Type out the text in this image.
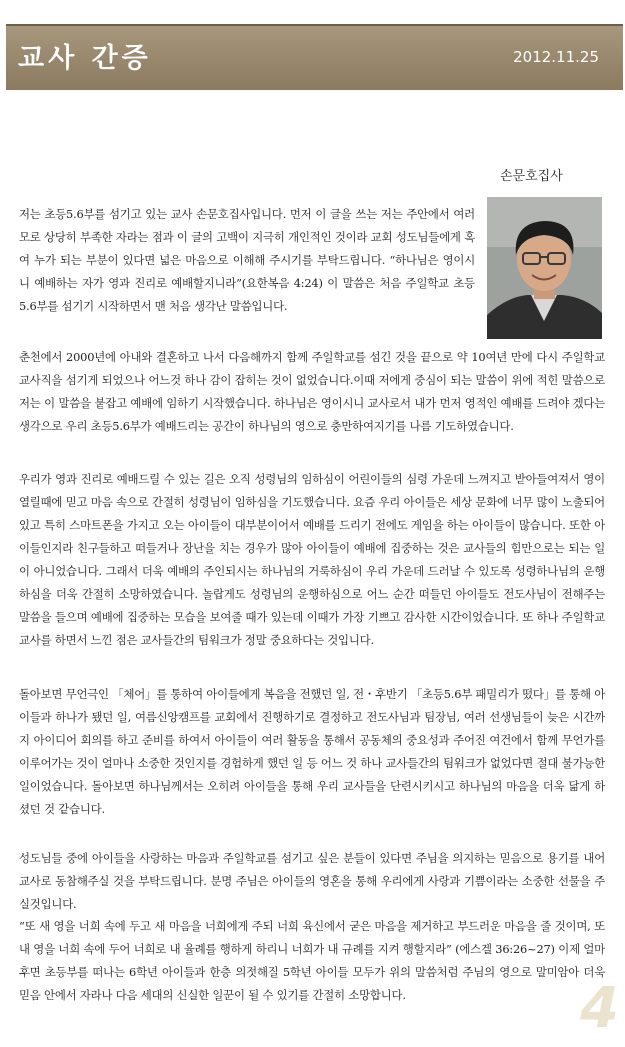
교사 간증	2012.11.25
손문호집사

저는 초등5.6부를 섬기고 있는 교사 손문호집사입니다. 먼저 이 글을 쓰는 저는 주안에서 여러모로 상당히 부족한 자라는 점과 이 글의 고백이 지극히 개인적인 것이라 교회 성도님들에게 혹여 누가 되는 부분이 있다면 넓은 마음으로 이해해 주시기를 부탁드립니다. “하나님은 영이시니 예배하는 자가 영과 진리로 예배할지니라”(요한복음 4:24) 이 말씀은 처음 주일학교 초등5.6부를 섬기기 시작하면서 맨 처음 생각난 말씀입니다.

춘천에서 2000년에 아내와 결혼하고 나서 다음해까지 함께 주일학교를 섬긴 것을 끝으로 약 10여년 만에 다시 주일학교 교사직을 섬기게 되었으나 어느것 하나 감이 잡히는 것이 없었습니다.이때 저에게 중심이 되는 말씀이 위에 적힌 말씀으로 저는 이 말씀을 붙잡고 예배에 임하기 시작했습니다. 하나님은 영이시니 교사로서 내가 먼저 영적인 예배를 드려야 겠다는 생각으로 우리 초등5.6부가 예배드리는 공간이 하나님의 영으로 충만하여지기를 나름 기도하였습니다.

우리가 영과 진리로 예배드릴 수 있는 길은 오직 성령님의 임하심이 어린이들의 심령 가운데 느껴지고 받아들여져서 영이 열릴때에 믿고 마음 속으로 간절히 성령님이 임하심을 기도했습니다. 요즘 우리 아이들은 세상 문화에 너무 많이 노출되어있고 특히 스마트폰을 가지고 오는 아이들이 대부분이어서 예배를 드리기 전에도 게임을 하는 아이들이 많습니다. 또한 아이들인지라 친구들하고 떠들거나 장난을 치는 경우가 많아 아이들이 예배에 집중하는 것은 교사들의 힘만으로는 되는 일이 아니었습니다. 그래서 더욱 예배의 주인되시는 하나님의 거룩하심이 우리 가운데 드러날 수 있도록 성령하나님의 운행하심을 더욱 간절히 소망하였습니다. 놀랍게도 성령님의 운행하심으로 어느 순간 떠들던 아이들도 전도사님이 전해주는 말씀을 들으며 예배에 집중하는 모습을 보여줄 때가 있는데 이때가 가장 기쁘고 감사한 시간이었습니다. 또 하나 주일학교 교사를 하면서 느낀 점은 교사들간의 팀워크가 정말 중요하다는 것입니다.

돌아보면 무언극인 「체어」를 통하여 아이들에게 복음을 전했던 일, 전・후반기 「초등5.6부 패밀리가 떴다」를 통해 아이들과 하나가 됐던 일, 여름신앙캠프를 교회에서 진행하기로 결정하고 전도사님과 팀장님, 여러 선생님들이 늦은 시간까지 아이디어 회의를 하고 준비를 하여서 아이들이 여러 활동을 통해서 공동체의 중요성과 주어진 여건에서 함께 무언가를 이루어가는 것이 얼마나 소중한 것인지를 경험하게 했던 일 등 어느 것 하나 교사들간의 팀워크가 없었다면 절대 불가능한 일이었습니다. 돌아보면 하나님께서는 오히려 아이들을 통해 우리 교사들을 단련시키시고 하나님의 마음을 더욱 닮게 하셨던 것 같습니다.

성도님들 중에 아이들을 사랑하는 마음과 주일학교를 섬기고 싶은 분들이 있다면 주님을 의지하는 믿음으로 용기를 내어 교사로 동참해주실 것을 부탁드립니다. 분명 주님은 아이들의 영혼을 통해 우리에게 사랑과 기쁨이라는 소중한 선물을 주실것입니다.

“또 새 영을 너희 속에 두고 새 마음을 너희에게 주되 너희 육신에서 굳은 마음을 제거하고 부드러운 마음을 줄 것이며, 또 내 영을 너희 속에 두어 너희로 내 율례를 행하게 하리니 너희가 내 규례를 지켜 행할지라” (에스겔 36:26~27) 이제 얼마 후면 초등부를 떠나는 6학년 아이들과 한층 의젓해질 5학년 아이들 모두가 위의 말씀처럼 주님의 영으로 말미암아 더욱 믿음 안에서 자라나 다음 세대의 신실한 일꾼이 될 수 있기를 간절히 소망합니다.	4
